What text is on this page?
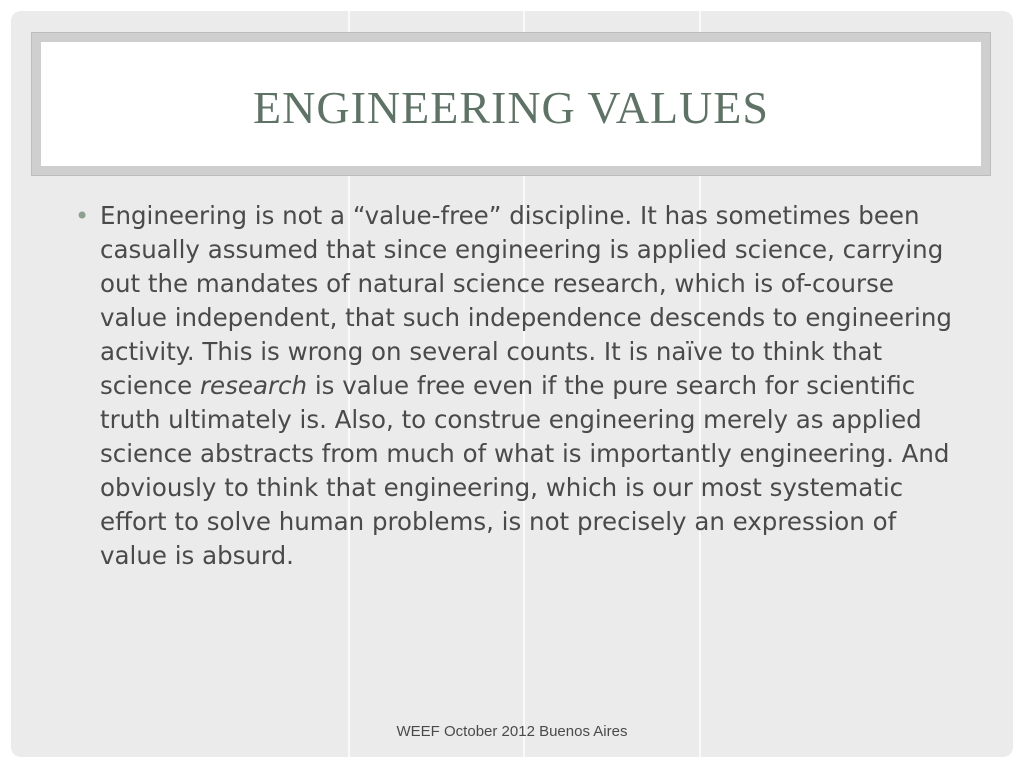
ENGINEERING VALUES
• Engineering is not a “value-free” discipline. It has sometimes been casually assumed that since engineering is applied science, carrying out the mandates of natural science research, which is of-course value independent, that such independence descends to engineering activity. This is wrong on several counts. It is naïve to think that science research is value free even if the pure search for scientific truth ultimately is. Also, to construe engineering merely as applied science abstracts from much of what is importantly engineering. And obviously to think that engineering, which is our most systematic effort to solve human problems, is not precisely an expression of value is absurd.
WEEF October 2012 Buenos Aires
